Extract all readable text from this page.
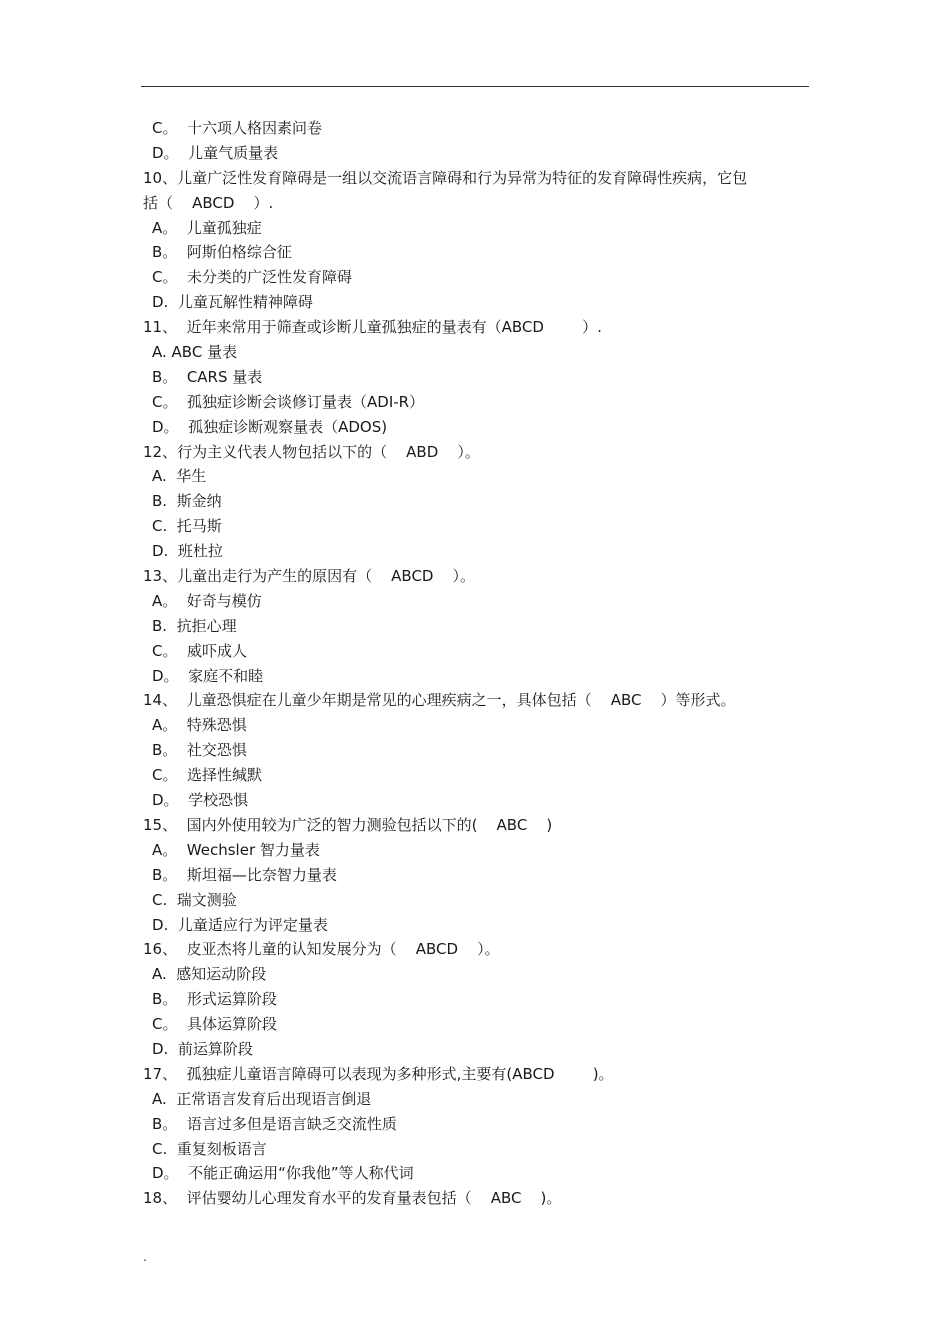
C。  十六项人格因素问卷
D。  儿童气质量表
10、儿童广泛性发育障碍是一组以交流语言障碍和行为异常为特征的发育障碍性疾病，它包
括（    ABCD    ）.
A。  儿童孤独症
B。  阿斯伯格综合征
C。  未分类的广泛性发育障碍
D.  儿童瓦解性精神障碍
11、  近年来常用于筛查或诊断儿童孤独症的量表有（ABCD        ）.
A. ABC 量表
B。  CARS 量表
C。  孤独症诊断会谈修订量表（ADI-R）
D。  孤独症诊断观察量表（ADOS)
12、行为主义代表人物包括以下的（    ABD    ）。
A.  华生
B.  斯金纳
C.  托马斯
D.  班杜拉
13、儿童出走行为产生的原因有（    ABCD    ）。
A。  好奇与模仿
B.  抗拒心理
C。  威吓成人
D。  家庭不和睦
14、  儿童恐惧症在儿童少年期是常见的心理疾病之一，具体包括（    ABC    ）等形式。
A。  特殊恐惧
B。  社交恐惧
C。  选择性缄默
D。  学校恐惧
15、  国内外使用较为广泛的智力测验包括以下的(    ABC    )
A。  Wechsler 智力量表
B。  斯坦福—比奈智力量表
C.  瑞文测验
D.  儿童适应行为评定量表
16、  皮亚杰将儿童的认知发展分为（    ABCD    ）。
A.  感知运动阶段
B。  形式运算阶段
C。  具体运算阶段
D.  前运算阶段
17、  孤独症儿童语言障碍可以表现为多种形式,主要有(ABCD        )。
A.  正常语言发育后出现语言倒退
B。  语言过多但是语言缺乏交流性质
C.  重复刻板语言
D。  不能正确运用“你我他”等人称代词
18、  评估婴幼儿心理发育水平的发育量表包括（    ABC    )。
.
